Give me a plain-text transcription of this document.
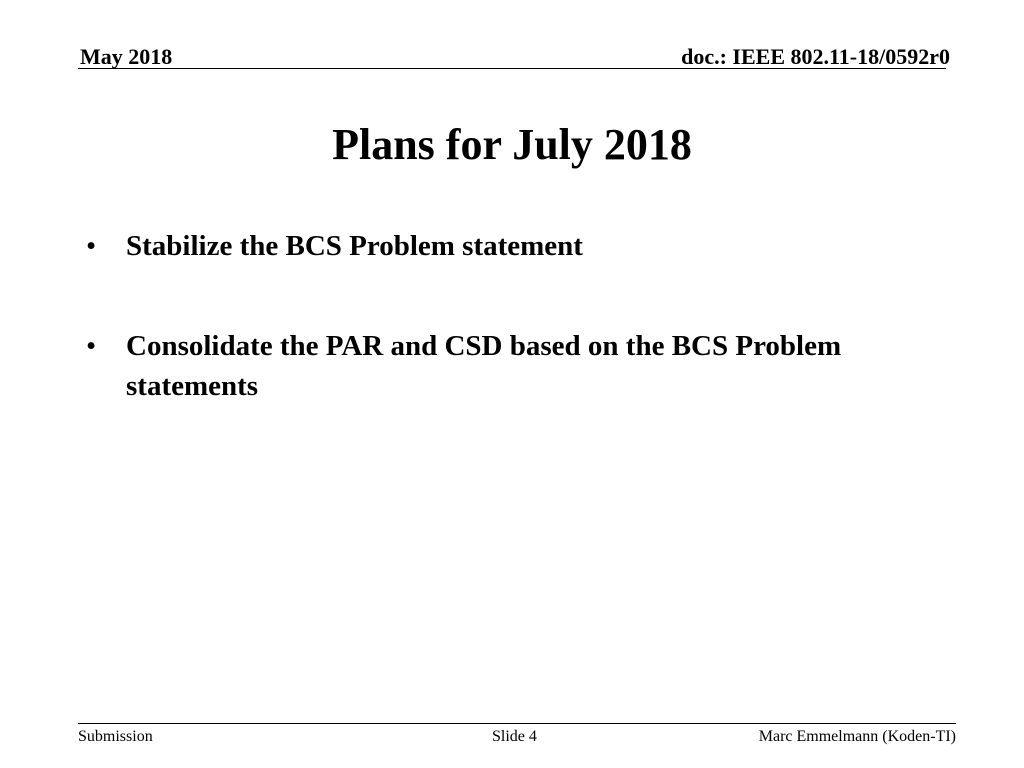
May 2018	doc.: IEEE 802.11-18/0592r0
Plans for July 2018
• Stabilize the BCS Problem statement
• Consolidate the PAR and CSD based on the BCS Problem statements
Submission	Slide 4	Marc Emmelmann (Koden-TI)
